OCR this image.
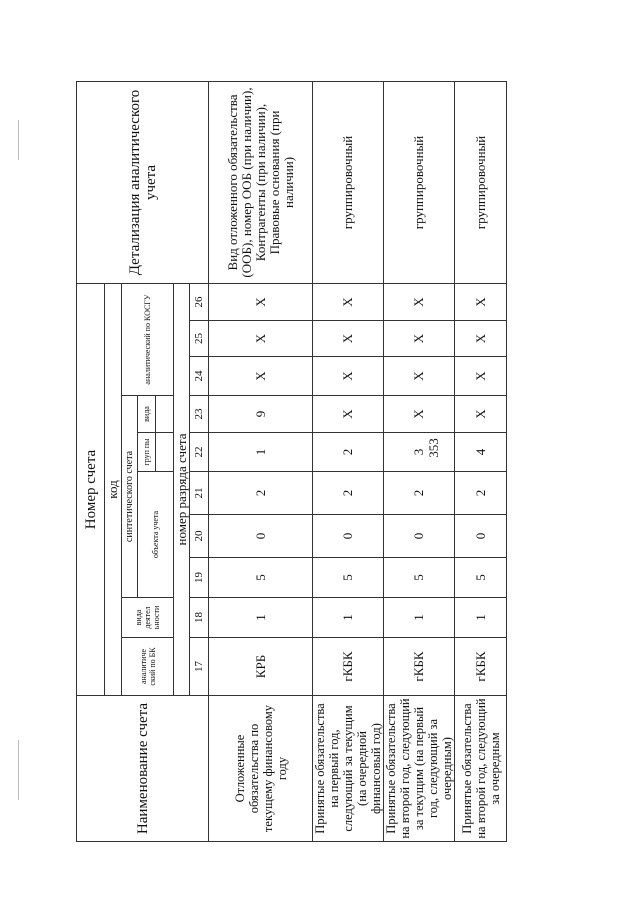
353
Наименование счета	Номер счета										Детализация аналитического учета
	код										
	аналитиче ский по БК	вида деятел ьности	синтетического счета					аналитический по КОСГУ			
			объекта учета			груп пы	вида				

	номер разряда счета										
	17	18	19	20	21	22	23	24	25	26	
Отложенные обязательства по текущему финансовому году	КРБ	1	5	0	2	1	9	Х	Х	Х	Вид отложенного обязательства (ООБ), номер ООБ (при наличии), Контрагенты (при наличии), Правовые основания (при наличии)
Принятые обязательства на первый год, следующий за текущим (на очередной финансовый год)	гКБК	1	5	0	2	2	Х	Х	Х	Х	группировочный
Принятые обязательства на второй год, следующий за текущим (на первый год, следующий за очередным)	гКБК	1	5	0	2	3	Х	Х	Х	Х	группировочный
Принятые обязательства на второй год, следующий за очередным	гКБК	1	5	0	2	4	Х	Х	Х	Х	группировочный
